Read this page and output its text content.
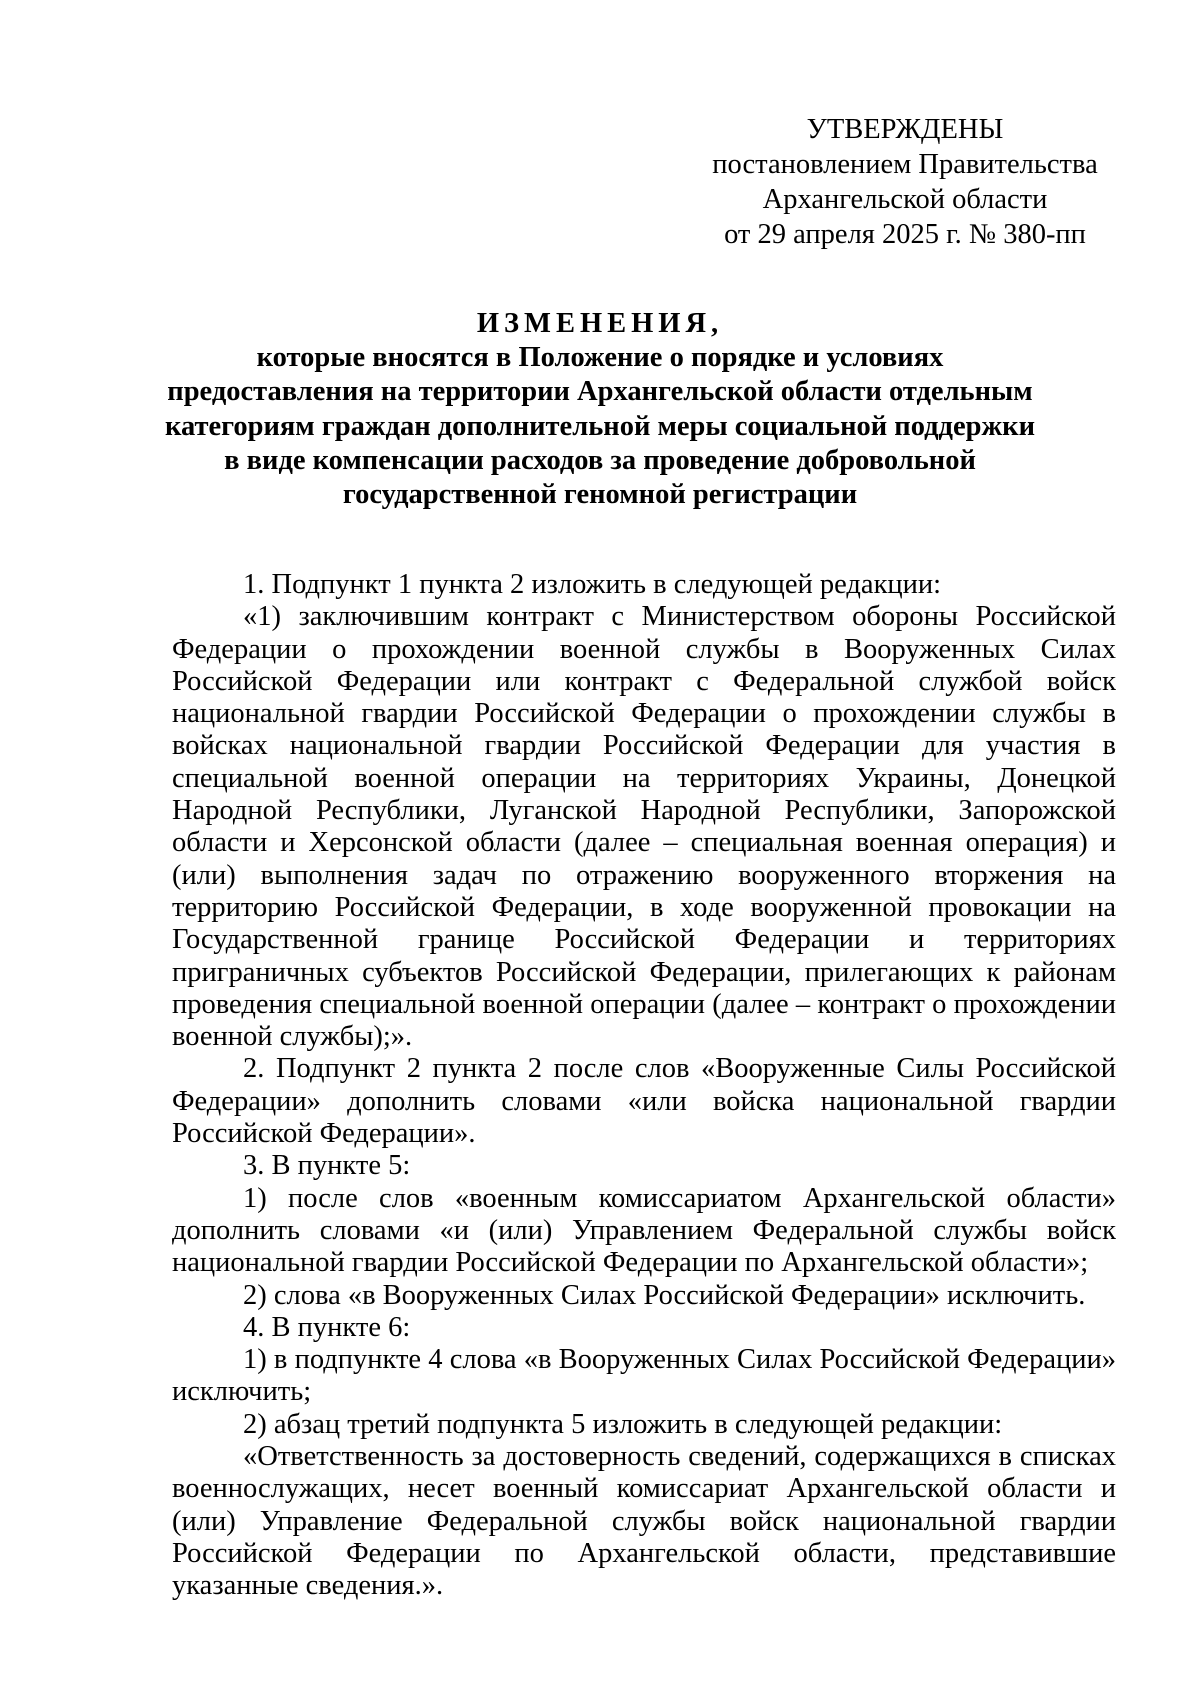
УТВЕРЖДЕНЫ
постановлением Правительства
Архангельской области
от 29 апреля 2025 г. № 380-пп
ИЗМЕНЕНИЯ,
которые вносятся в Положение о порядке и условиях
предоставления на территории Архангельской области отдельным
категориям граждан дополнительной меры социальной поддержки
в виде компенсации расходов за проведение добровольной
государственной геномной регистрации

1. Подпункт 1 пункта 2 изложить в следующей редакции:

«1) заключившим контракт с Министерством обороны Российской Федерации о прохождении военной службы в Вооруженных Силах Российской Федерации или контракт с Федеральной службой войск национальной гвардии Российской Федерации о прохождении службы в войсках национальной гвардии Российской Федерации для участия в специальной военной операции на территориях Украины, Донецкой Народной Республики, Луганской Народной Республики, Запорожской области и Херсонской области (далее – специальная военная операция) и (или) выполнения задач по отражению вооруженного вторжения на территорию Российской Федерации, в ходе вооруженной провокации на Государственной границе Российской Федерации и территориях приграничных субъектов Российской Федерации, прилегающих к районам проведения специальной военной операции (далее – контракт о прохождении военной службы);».

2. Подпункт 2 пункта 2 после слов «Вооруженные Силы Российской Федерации» дополнить словами «или войска национальной гвардии Российской Федерации».

3. В пункте 5:

1) после слов «военным комиссариатом Архангельской области» дополнить словами «и (или) Управлением Федеральной службы войск национальной гвардии Российской Федерации по Архангельской области»;

2) слова «в Вооруженных Силах Российской Федерации» исключить.

4. В пункте 6:

1) в подпункте 4 слова «в Вооруженных Силах Российской Федерации» исключить;

2) абзац третий подпункта 5 изложить в следующей редакции:

«Ответственность за достоверность сведений, содержащихся в списках военнослужащих, несет военный комиссариат Архангельской области и (или) Управление Федеральной службы войск национальной гвардии Российской Федерации по Архангельской области, представившие указанные сведения.».
